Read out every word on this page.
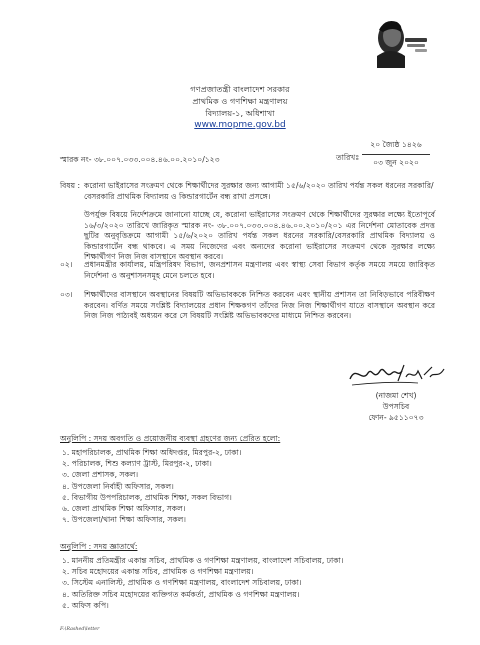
গণপ্রজাতন্ত্রী বাংলাদেশ সরকার
প্রাথমিক ও গণশিক্ষা মন্ত্রণালয়
বিদ্যালয়-১, অধিশাখা
www.mopme.gov.bd
স্মারক নং- ৩৮.০০৭.০৩৩.০০৪.৪৬.০০.২০১০/১২৩	তারিখঃ
২০ জ্যৈষ্ঠ ১৪২৬
০৩ জুন ২০২০
বিষয় : করোনা ভাইরাসের সংক্রমণ থেকে শিক্ষার্থীদের সুরক্ষার জন্য আগামী ১৫/৬/২০২০ তারিখ পর্যন্ত সকল ধরনের সরকারি/বেসরকারি প্রাথমিক বিদ্যালয় ও কিন্ডারগার্টেন বন্ধ রাখা প্রসঙ্গে।
উপর্যুক্ত বিষয়ে নির্দেশক্রমে জানানো যাচ্ছে যে, করোনা ভাইরাসের সংক্রমণ থেকে শিক্ষার্থীদের সুরক্ষার লক্ষ্যে ইতোপূর্বে ১৬/৩/২০২০ তারিখে জারিকৃত স্মারক নং- ৩৮.০০৭.০৩৩.০০৪.৪৬.০০.২০১০/২০১ এর নির্দেশনা মোতাবেক প্রদত্ত ছুটির অনুবৃত্তিক্রমে আগামী ১৫/৬/২০২০ তারিখ পর্যন্ত সকল ধরনের সরকারি/বেসরকারি প্রাথমিক বিদ্যালয় ও কিন্ডারগার্টেন বন্ধ থাকবে। এ সময় নিজেদের এবং অন্যদের করোনা ভাইরাসের সংক্রমণ থেকে সুরক্ষার লক্ষ্যে শিক্ষার্থীগণ নিজ নিজ বাসস্থানে অবস্থান করবে।
০২। প্রধানমন্ত্রীর কার্যালয়, মন্ত্রিপরিষদ বিভাগ, জনপ্রশাসন মন্ত্রণালয় এবং স্বাস্থ্য সেবা বিভাগ কর্তৃক সময়ে সময়ে জারিকৃত নির্দেশনা ও অনুশাসনসমূহ মেনে চলতে হবে।
০৩। শিক্ষার্থীদের বাসস্থানে অবস্থানের বিষয়টি অভিভাবককে নিশ্চিত করবেন এবং স্থানীয় প্রশাসন তা নিবিড়ভাবে পরিবীক্ষণ করবেন। বর্ণিত সময়ে সংশ্লিষ্ট বিদ্যালয়ের প্রধান শিক্ষকগণ তাঁদের নিজ নিজ শিক্ষার্থীগণ যাতে বাসস্থানে অবস্থান করে নিজ নিজ পাঠ্যবই অধ্যয়ন করে সে বিষয়টি সংশ্লিষ্ট অভিভাবকদের মাধ্যমে নিশ্চিত করবেন।
(নাজমা শেখ)
উপসচিব
ফোন- ৯৫১১০৭৩
অনুলিপি : সদয় অবগতি ও প্রয়োজনীয় ব্যবস্থা গ্রহণের জন্য প্রেরিত হলো:
১. মহাপরিচালক, প্রাথমিক শিক্ষা অধিদপ্তর, মিরপুর-২, ঢাকা।
২. পরিচালক, শিশু কল্যাণ ট্রাস্ট, মিরপুর-২, ঢাকা।
৩. জেলা প্রশাসক, সকল।
৪. উপজেলা নির্বাহী অফিসার, সকল।
৫. বিভাগীয় উপপরিচালক, প্রাথমিক শিক্ষা, সকল বিভাগ।
৬. জেলা প্রাথমিক শিক্ষা অফিসার, সকল।
৭. উপজেলা/থানা শিক্ষা অফিসার, সকল।
অনুলিপি : সদয় জ্ঞাতার্থে:
১. মাননীয় প্রতিমন্ত্রীর একান্ত সচিব, প্রাথমিক ও গণশিক্ষা মন্ত্রণালয়, বাংলাদেশ সচিবালয়, ঢাকা।
২. সচিব মহোদয়ের একান্ত সচিব, প্রাথমিক ও গণশিক্ষা মন্ত্রণালয়।
৩. সিস্টেম এনালিস্ট, প্রাথমিক ও গণশিক্ষা মন্ত্রণালয়, বাংলাদেশ সচিবালয়, ঢাকা।
৪. অতিরিক্ত সচিব মহোদয়ের ব্যক্তিগত কর্মকর্তা, প্রাথমিক ও গণশিক্ষা মন্ত্রণালয়।
৫. অফিস কপি।
F:\Rashed\letter
